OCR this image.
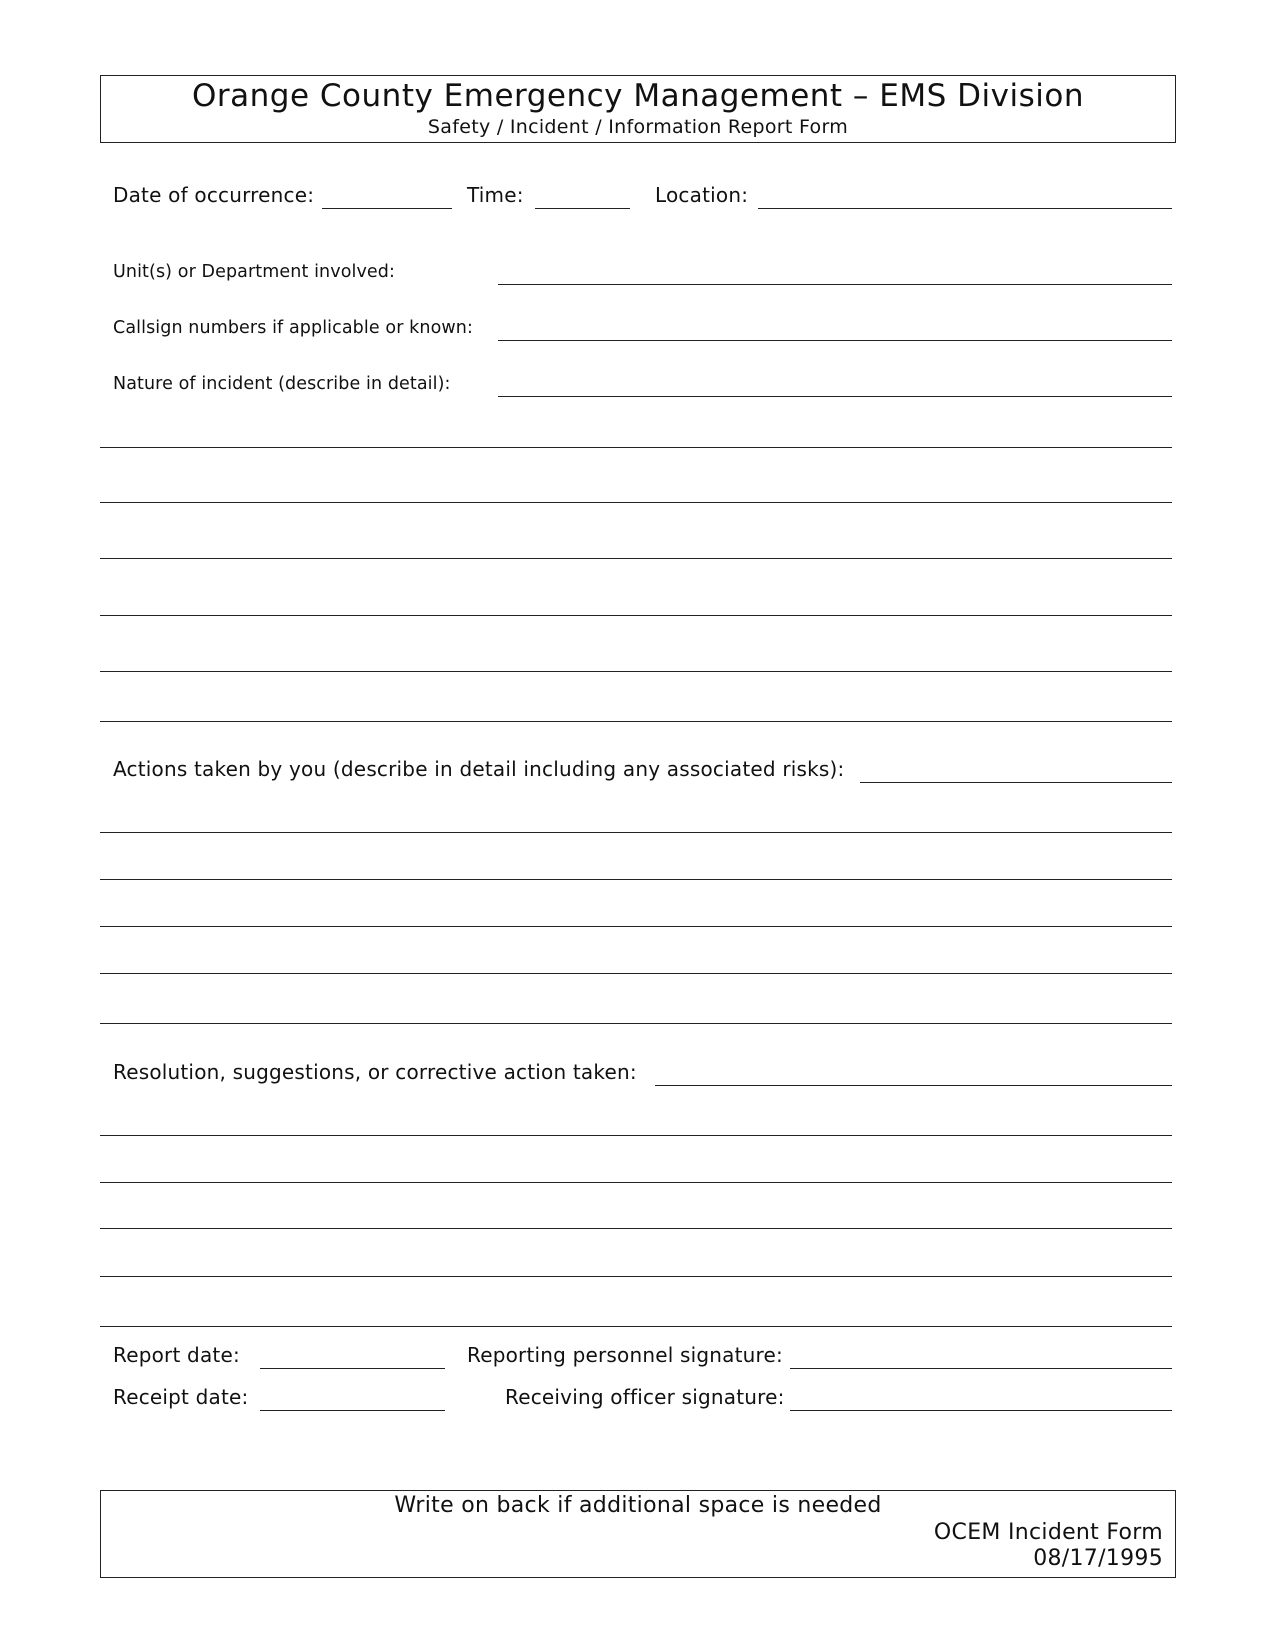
Orange County Emergency Management – EMS Division
Safety / Incident / Information Report Form
Date of occurrence:	Time:	Location:
Unit(s) or Department involved:
Callsign numbers if applicable or known:
Nature of incident (describe in detail):
Actions taken by you (describe in detail including any associated risks):
Resolution, suggestions, or corrective action taken:
Report date:	Reporting personnel signature:
Receipt date:	Receiving officer signature:
Write on back if additional space is needed
OCEM Incident Form
08/17/1995
